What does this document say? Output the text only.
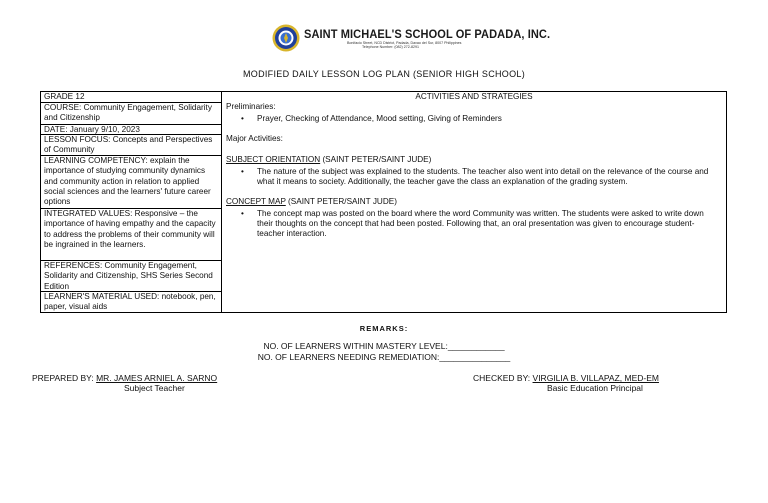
SAINT MICHAEL'S SCHOOL OF PADADA, INC.
Bonifacio Street, NCD District, Padada, Davao del Sur, 8007 Philippines
Telephone Number: (082) 272-8291
MODIFIED DAILY LESSON LOG PLAN (SENIOR HIGH SCHOOL)
GRADE 12
COURSE: Community Engagement, Solidarity and Citizenship
DATE: January 9/10, 2023
LESSON FOCUS: Concepts and Perspectives of Community
LEARNING COMPETENCY: explain the importance of studying community dynamics and community action in relation to applied social sciences and the learners' future career options
INTEGRATED VALUES: Responsive – the importance of having empathy and the capacity to address the problems of their community will be ingrained in the learners.
REFERENCES: Community Engagement, Solidarity and Citizenship, SHS Series Second Edition
LEARNER'S MATERIAL USED: notebook, pen, paper, visual aids
ACTIVITIES AND STRATEGIES
Preliminaries:
• Prayer, Checking of Attendance, Mood setting, Giving of Reminders
Major Activities:
SUBJECT ORIENTATION (SAINT PETER/SAINT JUDE)
• The nature of the subject was explained to the students. The teacher also went into detail on the relevance of the course and what it means to society. Additionally, the teacher gave the class an explanation of the grading system.
CONCEPT MAP (SAINT PETER/SAINT JUDE)
• The concept map was posted on the board where the word Community was written. The students were asked to write down their thoughts on the concept that had been posted. Following that, an oral presentation was given to encourage student-teacher interaction.
REMARKS:
NO. OF LEARNERS WITHIN MASTERY LEVEL:____________
NO. OF LEARNERS NEEDING REMEDIATION:_______________
PREPARED BY: MR. JAMES ARNIEL A. SARNO
Subject Teacher
CHECKED BY: VIRGILIA B. VILLAPAZ, MED-EM
Basic Education Principal
